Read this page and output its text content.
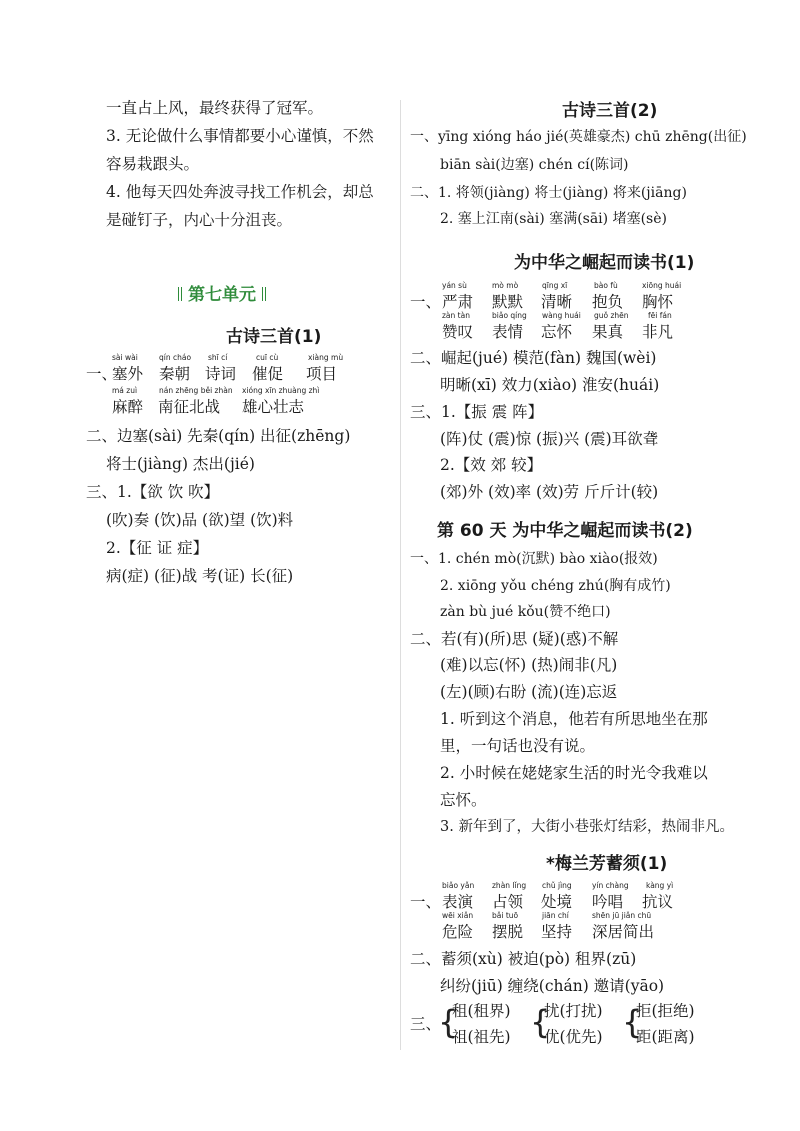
一直占上风，最终获得了冠军。
3. 无论做什么事情都要小心谨慎，不然
容易栽跟头。
4. 他每天四处奔波寻找工作机会，却总
是碰钉子，内心十分沮丧。
第七单元
古诗三首(1)
一、
sài wài
塞外
qín cháo
秦朝
shī cí
诗词
cuī cù
催促
xiàng mù
项目
má zuì
麻醉
nán zhēng běi zhàn
南征北战
xióng xīn zhuàng zhì
雄心壮志
二、边塞(sài) 先秦(qín) 出征(zhēng)
将士(jiàng) 杰出(jié)
三、1.【欲 饮 吹】
(吹)奏 (饮)品 (欲)望 (饮)料
2.【征 证 症】
病(症) (征)战 考(证) 长(征)
古诗三首(2)
一、yīng xióng háo jié(英雄豪杰) chū zhēng(出征)
biān sài(边塞) chén cí(陈词)
二、1. 将领(jiàng) 将士(jiàng) 将来(jiāng)
2. 塞上江南(sài) 塞满(sāi) 堵塞(sè)
为中华之崛起而读书(1)
一、
yán sù
严肃
mò mò
默默
qīng xī
清晰
bào fù
抱负
xiōng huái
胸怀
zàn tàn
赞叹
biǎo qíng
表情
wàng huái
忘怀
guǒ zhēn
果真
fēi fán
非凡
二、崛起(jué) 模范(fàn) 魏国(wèi)
明晰(xī) 效力(xiào) 淮安(huái)
三、1.【振 震 阵】
(阵)仗 (震)惊 (振)兴 (震)耳欲聋
2.【效 郊 较】
(郊)外 (效)率 (效)劳 斤斤计(较)
第 60 天 为中华之崛起而读书(2)
一、1. chén mò(沉默) bào xiào(报效)
2. xiōng yǒu chéng zhú(胸有成竹)
zàn bù jué kǒu(赞不绝口)
二、若(有)(所)思 (疑)(惑)不解
(难)以忘(怀) (热)闹非(凡)
(左)(顾)右盼 (流)(连)忘返
1. 听到这个消息，他若有所思地坐在那
里，一句话也没有说。
2. 小时候在姥姥家生活的时光令我难以
忘怀。
3. 新年到了，大街小巷张灯结彩，热闹非凡。
*梅兰芳蓄须(1)
一、
biǎo yǎn
表演
zhàn lǐng
占领
chǔ jìng
处境
yín chàng
吟唱
kàng yì
抗议
wēi xiǎn
危险
bǎi tuō
摆脱
jiān chí
坚持
shēn jū jiǎn chū
深居简出
二、蓄须(xù) 被迫(pò) 租界(zū)
纠纷(jiū) 缠绕(chán) 邀请(yāo)
三、
{
租(租界)
祖(祖先) {
扰(打扰)
优(优先) {
拒(拒绝)
距(距离)
